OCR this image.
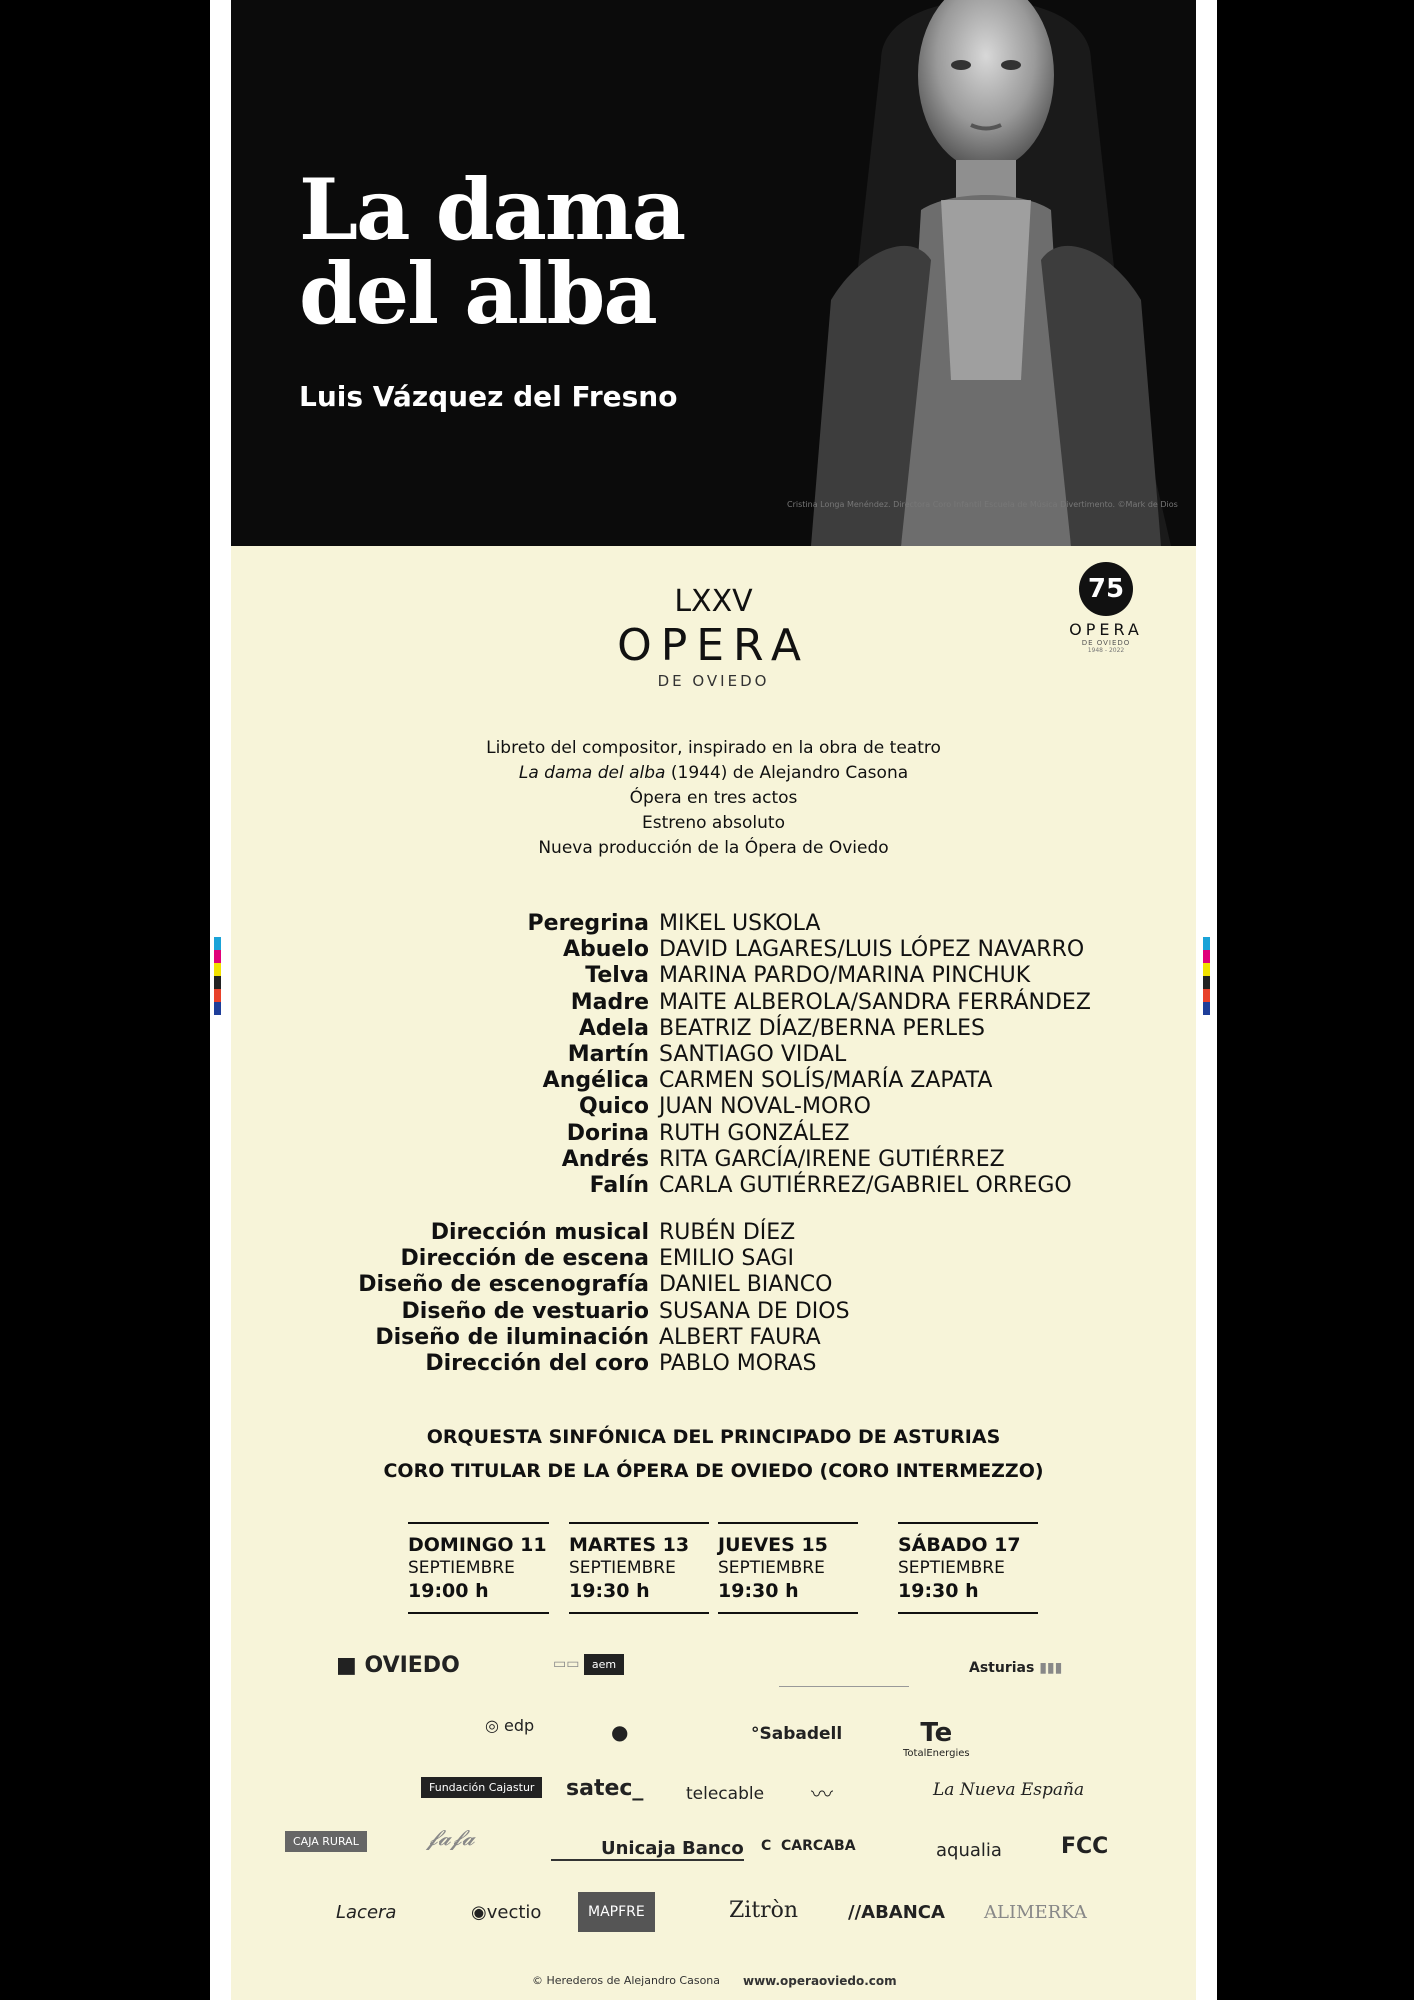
La dama
del alba
Luis Vázquez del Fresno
Cristina Longa Menéndez. Directora Coro Infantil Escuela de Música Divertimento. ©Mark de Dios
LXXV
ΟPERA
DE OVIEDO
75
ΟPERA
DE OVIEDO
1948 - 2022
Libreto del compositor, inspirado en la obra de teatro
La dama del alba (1944) de Alejandro Casona
Ópera en tres actos
Estreno absoluto
Nueva producción de la Ópera de Oviedo
Peregrina MIKEL USKOLA
Abuelo DAVID LAGARES/LUIS LÓPEZ NAVARRO
Telva MARINA PARDO/MARINA PINCHUK
Madre MAITE ALBEROLA/SANDRA FERRÁNDEZ
Adela BEATRIZ DÍAZ/BERNA PERLES
Martín SANTIAGO VIDAL
Angélica CARMEN SOLÍS/MARÍA ZAPATA
Quico JUAN NOVAL-MORO
Dorina RUTH GONZÁLEZ
Andrés RITA GARCÍA/IRENE GUTIÉRREZ
Falín CARLA GUTIÉRREZ/GABRIEL ORREGO
Dirección musical RUBÉN DÍEZ
Dirección de escena EMILIO SAGI
Diseño de escenografía DANIEL BIANCO
Diseño de vestuario SUSANA DE DIOS
Diseño de iluminación ALBERT FAURA
Dirección del coro PABLO MORAS
ORQUESTA SINFÓNICA DEL PRINCIPADO DE ASTURIAS
CORO TITULAR DE LA ÓPERA DE OVIEDO (CORO INTERMEZZO)
DOMINGO 11
SEPTIEMBRE
19:00 h
MARTES 13
SEPTIEMBRE
19:30 h
JUEVES 15
SEPTIEMBRE
19:30 h
SÁBADO 17
SEPTIEMBRE
19:30 h
■ OVIEDO	▭▭ aem	Asturias ▮▮▮
◎ edp	●	°Sabadell	Te
TotalEnergies
Fundación Cajastur	satec_	telecable 〰	La Nueva España
CAJA RURAL	𝓯𝓪𝓯𝓪	Unicaja Banco C  CARCABA	aqualia	FCC
Lacera	◉vectio	MAPFRE	Zitròn	//ABANCA ALIMERKA
© Herederos de Alejandro Casona www.operaoviedo.com
